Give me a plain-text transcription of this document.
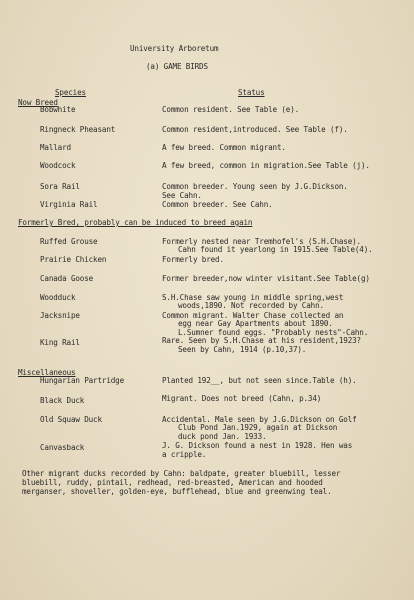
University Arboretum
(a) GAME BIRDS
Species	Status
Now Breed
Bobwhite	Common resident. See Table (e).
Ringneck Pheasant	Common resident,introduced. See Table (f).
Mallard	A few breed. Common migrant.
Woodcock	A few breed, common in migration.See Table (j).
Sora Rail	Common breeder. Young seen by J.G.Dickson.
See Cahn.
Virginia Rail	Common breeder. See Cahn.
Formerly Bred, probably can be induced to breed again
Ruffed Grouse	Formerly nested near Tremhofel's (S.H.Chase).
Cahn found it yearlong in 1915.See Table(4).
Prairie Chicken	Formerly bred.
Canada Goose	Former breeder,now winter visitant.See Table(g)
Woodduck	S.H.Chase saw young in middle spring,west
woods,1890. Not recorded by Cahn.
Jacksnipe	Common migrant. Walter Chase collected an
egg near Gay Apartments about 1890.
L.Sumner found eggs. "Probably nests"-Cahn.
King Rail	Rare. Seen by S.H.Chase at his resident,1923?
Seen by Cahn, 1914 (p.10,37).
Miscellaneous
Hungarian Partridge	Planted 192__, but not seen since.Table (h).
Black Duck	Migrant. Does not breed (Cahn, p.34)
Old Squaw Duck	Accidental. Male seen by J.G.Dickson on Golf
Club Pond Jan.1929, again at Dickson
duck pond Jan. 1933.
Canvasback	J. G. Dickson found a nest in 1928. Hen was
a cripple.
Other migrant ducks recorded by Cahn: baldpate, greater bluebill, lesser
bluebill, ruddy, pintail, redhead, red-breasted, American and hooded
merganser, shoveller, golden-eye, bufflehead, blue and greenwing teal.
